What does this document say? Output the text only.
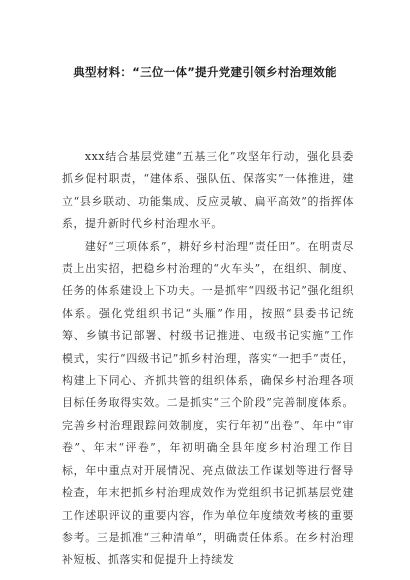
典型材料：“三位一体”提升党建引领乡村治理效能

xxx结合基层党建“五基三化”攻坚年行动，强化县委抓乡促村职责，“建体系、强队伍、保落实”一体推进，建立“县乡联动、功能集成、反应灵敏、扁平高效”的指挥体系，提升新时代乡村治理水平。

建好“三项体系”，耕好乡村治理“责任田”。在明责尽责上出实招，把稳乡村治理的“火车头”，在组织、制度、任务的体系建设上下功夫。一是抓牢“四级书记”强化组织体系。强化党组织书记“头雁”作用，按照“县委书记统筹、乡镇书记部署、村级书记推进、屯级书记实施”工作模式，实行“四级书记”抓乡村治理，落实“一把手”责任，构建上下同心、齐抓共管的组织体系，确保乡村治理各项目标任务取得实效。二是抓实“三个阶段”完善制度体系。完善乡村治理跟踪问效制度，实行年初“出卷”、年中“审卷”、年末“评卷”，年初明确全县年度乡村治理工作目标，年中重点对开展情况、亮点做法工作谋划等进行督导检查，年末把抓乡村治理成效作为党组织书记抓基层党建工作述职评议的重要内容，作为单位年度绩效考核的重要参考。三是抓准“三种清单”，明确责任体系。在乡村治理补短板、抓落实和促提升上持续发
